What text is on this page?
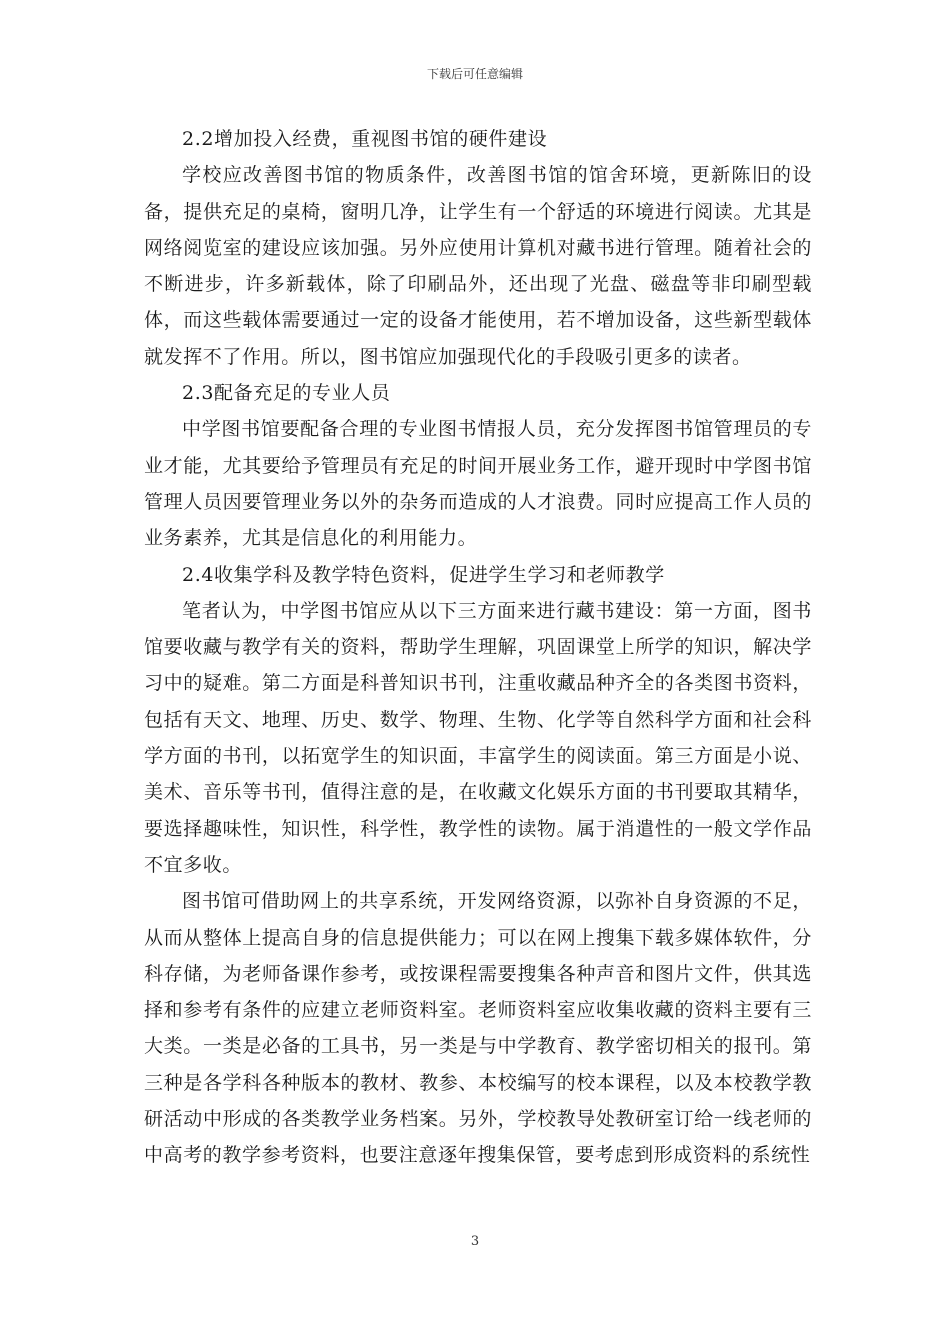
下载后可任意编辑

2.2增加投入经费，重视图书馆的硬件建设

学校应改善图书馆的物质条件，改善图书馆的馆舍环境，更新陈旧的设备，提供充足的桌椅，窗明几净，让学生有一个舒适的环境进行阅读。尤其是网络阅览室的建设应该加强。另外应使用计算机对藏书进行管理。随着社会的不断进步，许多新载体，除了印刷品外，还出现了光盘、磁盘等非印刷型载体，而这些载体需要通过一定的设备才能使用，若不增加设备，这些新型载体就发挥不了作用。所以，图书馆应加强现代化的手段吸引更多的读者。

2.3配备充足的专业人员

中学图书馆要配备合理的专业图书情报人员，充分发挥图书馆管理员的专业才能，尤其要给予管理员有充足的时间开展业务工作，避开现时中学图书馆管理人员因要管理业务以外的杂务而造成的人才浪费。同时应提高工作人员的业务素养，尤其是信息化的利用能力。

2.4收集学科及教学特色资料，促进学生学习和老师教学

笔者认为，中学图书馆应从以下三方面来进行藏书建设：第一方面，图书馆要收藏与教学有关的资料，帮助学生理解，巩固课堂上所学的知识，解决学习中的疑难。第二方面是科普知识书刊，注重收藏品种齐全的各类图书资料，包括有天文、地理、历史、数学、物理、生物、化学等自然科学方面和社会科学方面的书刊，以拓宽学生的知识面，丰富学生的阅读面。第三方面是小说、美术、音乐等书刊，值得注意的是，在收藏文化娱乐方面的书刊要取其精华，要选择趣味性，知识性，科学性，教学性的读物。属于消遣性的一般文学作品不宜多收。

图书馆可借助网上的共享系统，开发网络资源，以弥补自身资源的不足，从而从整体上提高自身的信息提供能力；可以在网上搜集下载多媒体软件，分科存储，为老师备课作参考，或按课程需要搜集各种声音和图片文件，供其选择和参考有条件的应建立老师资料室。老师资料室应收集收藏的资料主要有三大类。一类是必备的工具书，另一类是与中学教育、教学密切相关的报刊。第三种是各学科各种版本的教材、教参、本校编写的校本课程，以及本校教学教研活动中形成的各类教学业务档案。另外，学校教导处教研室订给一线老师的中高考的教学参考资料，也要注意逐年搜集保管，要考虑到形成资料的系统性

3
